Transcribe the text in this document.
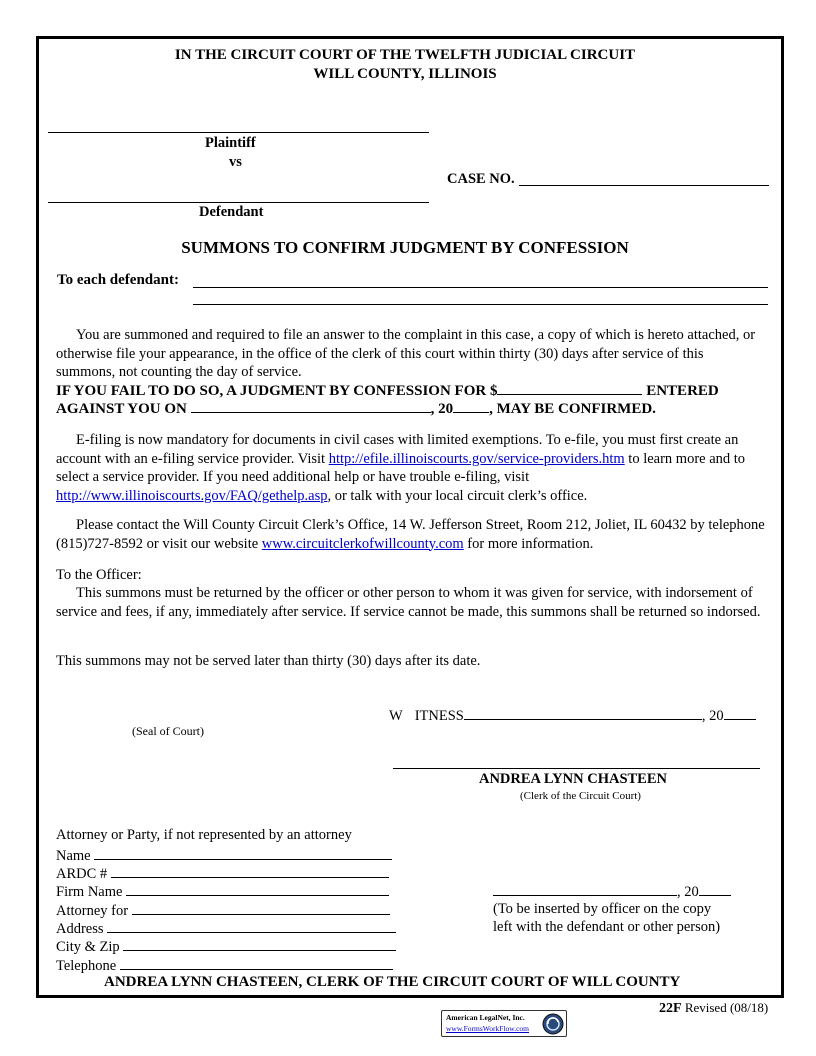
IN THE CIRCUIT COURT OF THE TWELFTH JUDICIAL CIRCUIT
WILL COUNTY, ILLINOIS
Plaintiff
vs
Defendant
CASE NO.
SUMMONS TO CONFIRM JUDGMENT BY CONFESSION
To each defendant:
You are summoned and required to file an answer to the complaint in this case, a copy of which is hereto attached, or otherwise file your appearance, in the office of the clerk of this court within thirty (30) days after service of this summons, not counting the day of service.
IF YOU FAIL TO DO SO, A JUDGMENT BY CONFESSION FOR $	ENTERED
AGAINST YOU ON	, 20 , MAY BE CONFIRMED.
E-filing is now mandatory for documents in civil cases with limited exemptions. To e-file, you must first create an account with an e-filing service provider. Visit http://efile.illinoiscourts.gov/service-providers.htm to learn more and to select a service provider. If you need additional help or have trouble e-filing, visit http://www.illinoiscourts.gov/FAQ/gethelp.asp, or talk with your local circuit clerk’s office.
Please contact the Will County Circuit Clerk’s Office, 14 W. Jefferson Street, Room 212, Joliet, IL 60432 by telephone (815)727-8592 or visit our website www.circuitclerkofwillcounty.com for more information.
To the Officer:
This summons must be returned by the officer or other person to whom it was given for service, with indorsement of service and fees, if any, immediately after service. If service cannot be made, this summons shall be returned so indorsed.
This summons may not be served later than thirty (30) days after its date.
W ITNESS	, 20
(Seal of Court)
ANDREA LYNN CHASTEEN
(Clerk of the Circuit Court)
Attorney or Party, if not represented by an attorney
Name
ARDC #
Firm Name
Attorney for
Address
City & Zip
Telephone
, 20
(To be inserted by officer on the copy
left with the defendant or other person)
ANDREA LYNN CHASTEEN, CLERK OF THE CIRCUIT COURT OF WILL COUNTY
22F Revised (08/18)
American LegalNet, Inc.
www.FormsWorkFlow.com
